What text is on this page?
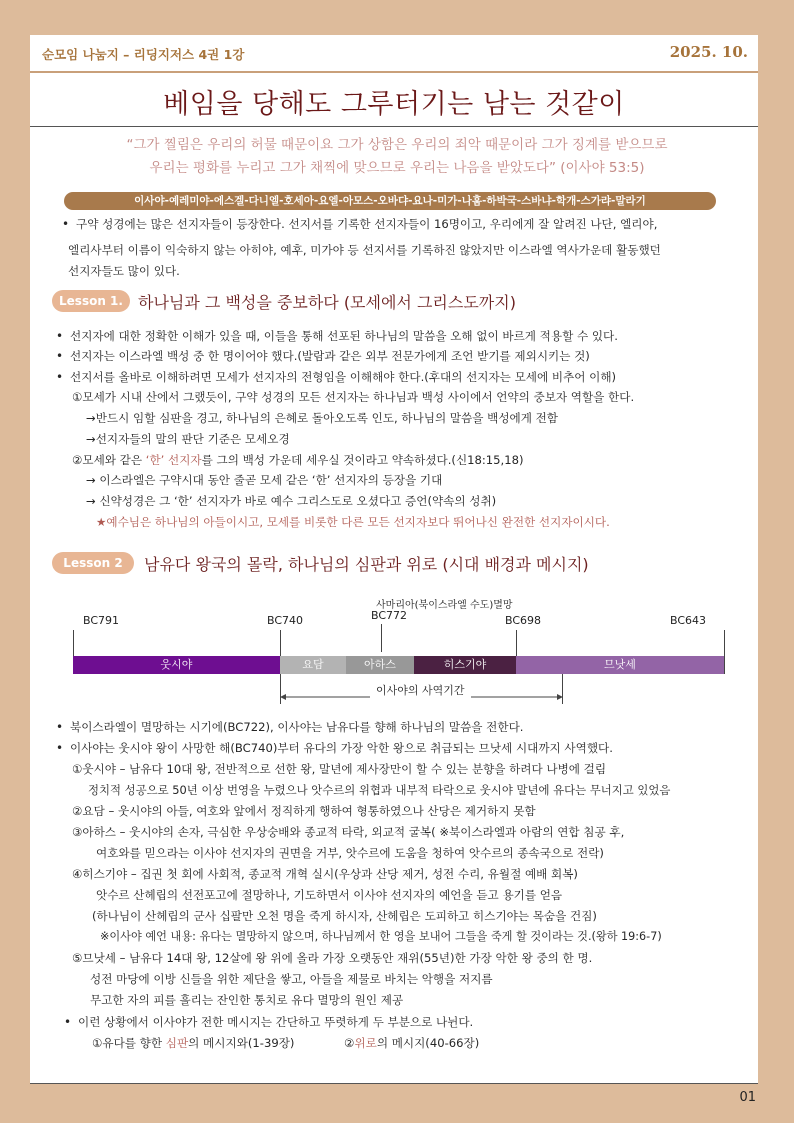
순모임 나눔지 – 리딩지저스 4권 1강	2025. 10.
베임을 당해도 그루터기는 남는 것같이
“그가 찔림은 우리의 허물 때문이요 그가 상함은 우리의 죄악 때문이라 그가 징계를 받으므로
우리는 평화를 누리고 그가 채찍에 맞으므로 우리는 나음을 받았도다” (이사야 53:5)
이사야-예레미야-에스겔-다니엘-호세아-요엘-아모스-오바댜-요나-미가-나훔-하박국-스바냐-학개-스가랴-말라기
• 구약 성경에는 많은 선지자들이 등장한다. 선지서를 기록한 선지자들이 16명이고, 우리에게 잘 알려진 나단, 엘리야,
엘리사부터 이름이 익숙하지 않는 아히야, 예후, 미가야 등 선지서를 기록하진 않았지만 이스라엘 역사가운데 활동했던
선지자들도 많이 있다.
Lesson 1. 하나님과 그 백성을 중보하다 (모세에서 그리스도까지)
• 선지자에 대한 정확한 이해가 있을 때, 이들을 통해 선포된 하나님의 말씀을 오해 없이 바르게 적용할 수 있다.
• 선지자는 이스라엘 백성 중 한 명이어야 했다.(발람과 같은 외부 전문가에게 조언 받기를 제외시키는 것)
• 선지서를 올바로 이해하려면 모세가 선지자의 전형임을 이해해야 한다.(후대의 선지자는 모세에 비추어 이해)
①모세가 시내 산에서 그랬듯이, 구약 성경의 모든 선지자는 하나님과 백성 사이에서 언약의 중보자 역할을 한다.
→반드시 임할 심판을 경고, 하나님의 은혜로 돌아오도록 인도, 하나님의 말씀을 백성에게 전함
→선지자들의 말의 판단 기준은 모세오경
②모세와 같은 ‘한’ 선지자를 그의 백성 가운데 세우실 것이라고 약속하셨다.(신18:15,18)
→ 이스라엘은 구약시대 동안 줄곧 모세 같은 ‘한’ 선지자의 등장을 기대
→ 신약성경은 그 ‘한’ 선지자가 바로 예수 그리스도로 오셨다고 증언(약속의 성취)
★예수님은 하나님의 아들이시고, 모세를 비롯한 다른 모든 선지자보다 뛰어나신 완전한 선지자이시다.
Lesson 2	남유다 왕국의 몰락, 하나님의 심판과 위로 (시대 배경과 메시지)
사마리아(북이스라엘 수도)멸망
BC791	BC740	BC772	BC698	BC643
웃시야	요담	아하스	히스기야	므낫세
이사야의 사역기간
• 북이스라엘이 멸망하는 시기에(BC722), 이사야는 남유다를 향해 하나님의 말씀을 전한다.
• 이사야는 웃시야 왕이 사망한 해(BC740)부터 유다의 가장 악한 왕으로 취급되는 므낫세 시대까지 사역했다.
①웃시야 – 남유다 10대 왕, 전반적으로 선한 왕, 말년에 제사장만이 할 수 있는 분향을 하려다 나병에 걸림
정치적 성공으로 50년 이상 번영을 누렸으나 앗수르의 위협과 내부적 타락으로 웃시야 말년에 유다는 무너지고 있었음
②요담 – 웃시야의 아들, 여호와 앞에서 정직하게 행하여 형통하였으나 산당은 제거하지 못함
③아하스 – 웃시야의 손자, 극심한 우상숭배와 종교적 타락, 외교적 굴복( ※북이스라엘과 아람의 연합 침공 후,
여호와를 믿으라는 이사야 선지자의 권면을 거부, 앗수르에 도움을 청하여 앗수르의 종속국으로 전락)
④히스기야 – 집권 첫 회에 사회적, 종교적 개혁 실시(우상과 산당 제거, 성전 수리, 유월절 예배 회복)
앗수르 산헤립의 선전포고에 절망하나, 기도하면서 이사야 선지자의 예언을 듣고 용기를 얻음
(하나님이 산헤립의 군사 십팔만 오천 명을 죽게 하시자, 산헤립은 도피하고 히스기야는 목숨을 건짐)
※이사야 예언 내용: 유다는 멸망하지 않으며, 하나님께서 한 영을 보내어 그들을 죽게 할 것이라는 것.(왕하 19:6-7)
⑤므낫세 – 남유다 14대 왕, 12살에 왕 위에 올라 가장 오랫동안 재위(55년)한 가장 악한 왕 중의 한 명.
성전 마당에 이방 신들을 위한 제단을 쌓고, 아들을 제물로 바치는 악행을 저지름
무고한 자의 피를 흘리는 잔인한 통치로 유다 멸망의 원인 제공
• 이런 상황에서 이사야가 전한 메시지는 간단하고 뚜렷하게 두 부분으로 나뉜다.
①유다를 향한 심판의 메시지와(1-39장)	②위로의 메시지(40-66장)
01
